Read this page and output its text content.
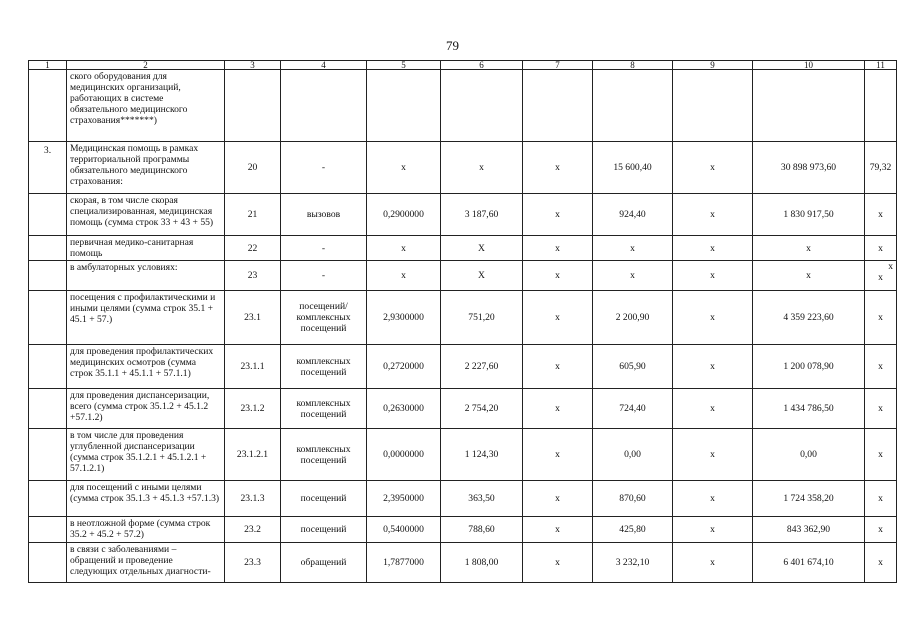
79
1	2	3	4	5	6	7	8	9	10	11
	ского оборудования для медицинских организаций, работающих в системе обязательного медицинского страхования*******)									
3.	Медицинская помощь в рамках территориальной программы обязательного медицинского страхования:	20	-	х	х	х	15 600,40	х	30 898 973,60	79,32
	скорая, в том числе скорая специализированная, медицинская помощь (сумма строк 33 + 43 + 55)	21	вызовов	0,2900000	3 187,60	х	924,40	х	1 830 917,50	х
	первичная медико-санитарная помощь	22	-	х	Х	х	х	х	х	х
	в амбулаторных условиях:	23	-	х	Х	х	х	х	х	х
х

	посещения с профилактическими и иными целями (сумма строк 35.1 + 45.1 + 57.)	23.1	посещений/ комплексных посещений	2,9300000	751,20	х	2 200,90	х	4 359 223,60	х
	для проведения профилактических медицинских осмотров (сумма строк 35.1.1 + 45.1.1 + 57.1.1)	23.1.1	комплексных посещений	0,2720000	2 227,60	х	605,90	х	1 200 078,90	х
	для проведения диспансеризации, всего (сумма строк 35.1.2 + 45.1.2 +57.1.2)	23.1.2	комплексных посещений	0,2630000	2 754,20	х	724,40	х	1 434 786,50	х
	в том числе для проведения углубленной диспансеризации (сумма строк 35.1.2.1 + 45.1.2.1 + 57.1.2.1)	23.1.2.1	комплексных посещений	0,0000000	1 124,30	х	0,00	х	0,00	х
	для посещений с иными целями (сумма строк 35.1.3 + 45.1.3 +57.1.3)	23.1.3	посещений	2,3950000	363,50	х	870,60	х	1 724 358,20	х
	в неотложной форме (сумма строк 35.2 + 45.2 + 57.2)	23.2	посещений	0,5400000	788,60	х	425,80	х	843 362,90	х
	в связи с заболеваниями – обращений и проведение следующих отдельных диагности-	23.3	обращений	1,7877000	1 808,00	х	3 232,10	х	6 401 674,10	х
